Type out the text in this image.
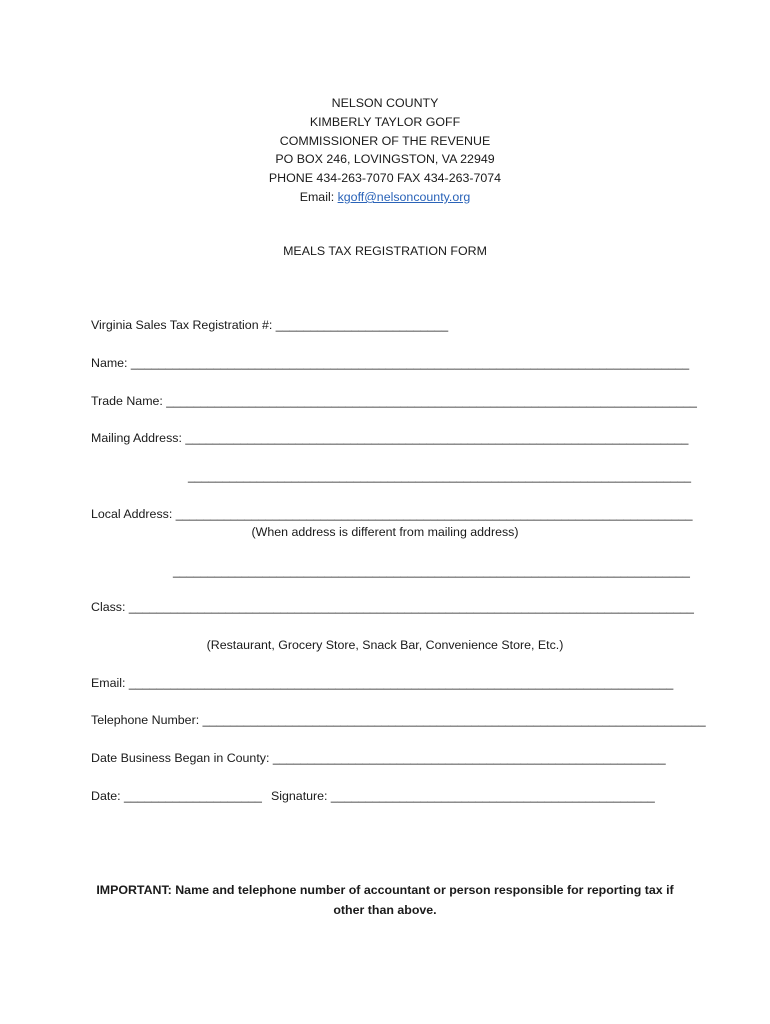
NELSON COUNTY
KIMBERLY TAYLOR GOFF
COMMISSIONER OF THE REVENUE
PO BOX 246, LOVINGSTON, VA 22949
PHONE 434-263-7070 FAX 434-263-7074
Email: kgoff@nelsoncounty.org
MEALS TAX REGISTRATION FORM
Virginia Sales Tax Registration #: _________________________
Name: _________________________________________________________________________________
Trade Name: _____________________________________________________________________________
Mailing Address: _________________________________________________________________________
_________________________________________________________________________
Local Address: ___________________________________________________________________________
(When address is different from mailing address)
___________________________________________________________________________
Class: __________________________________________________________________________________
(Restaurant, Grocery Store, Snack Bar, Convenience Store, Etc.)
Email: _______________________________________________________________________________
Telephone Number: _________________________________________________________________________
Date Business Began in County: _________________________________________________________
Date: ____________________ Signature: _______________________________________________
IMPORTANT: Name and telephone number of accountant or person responsible for reporting tax if other than above.
